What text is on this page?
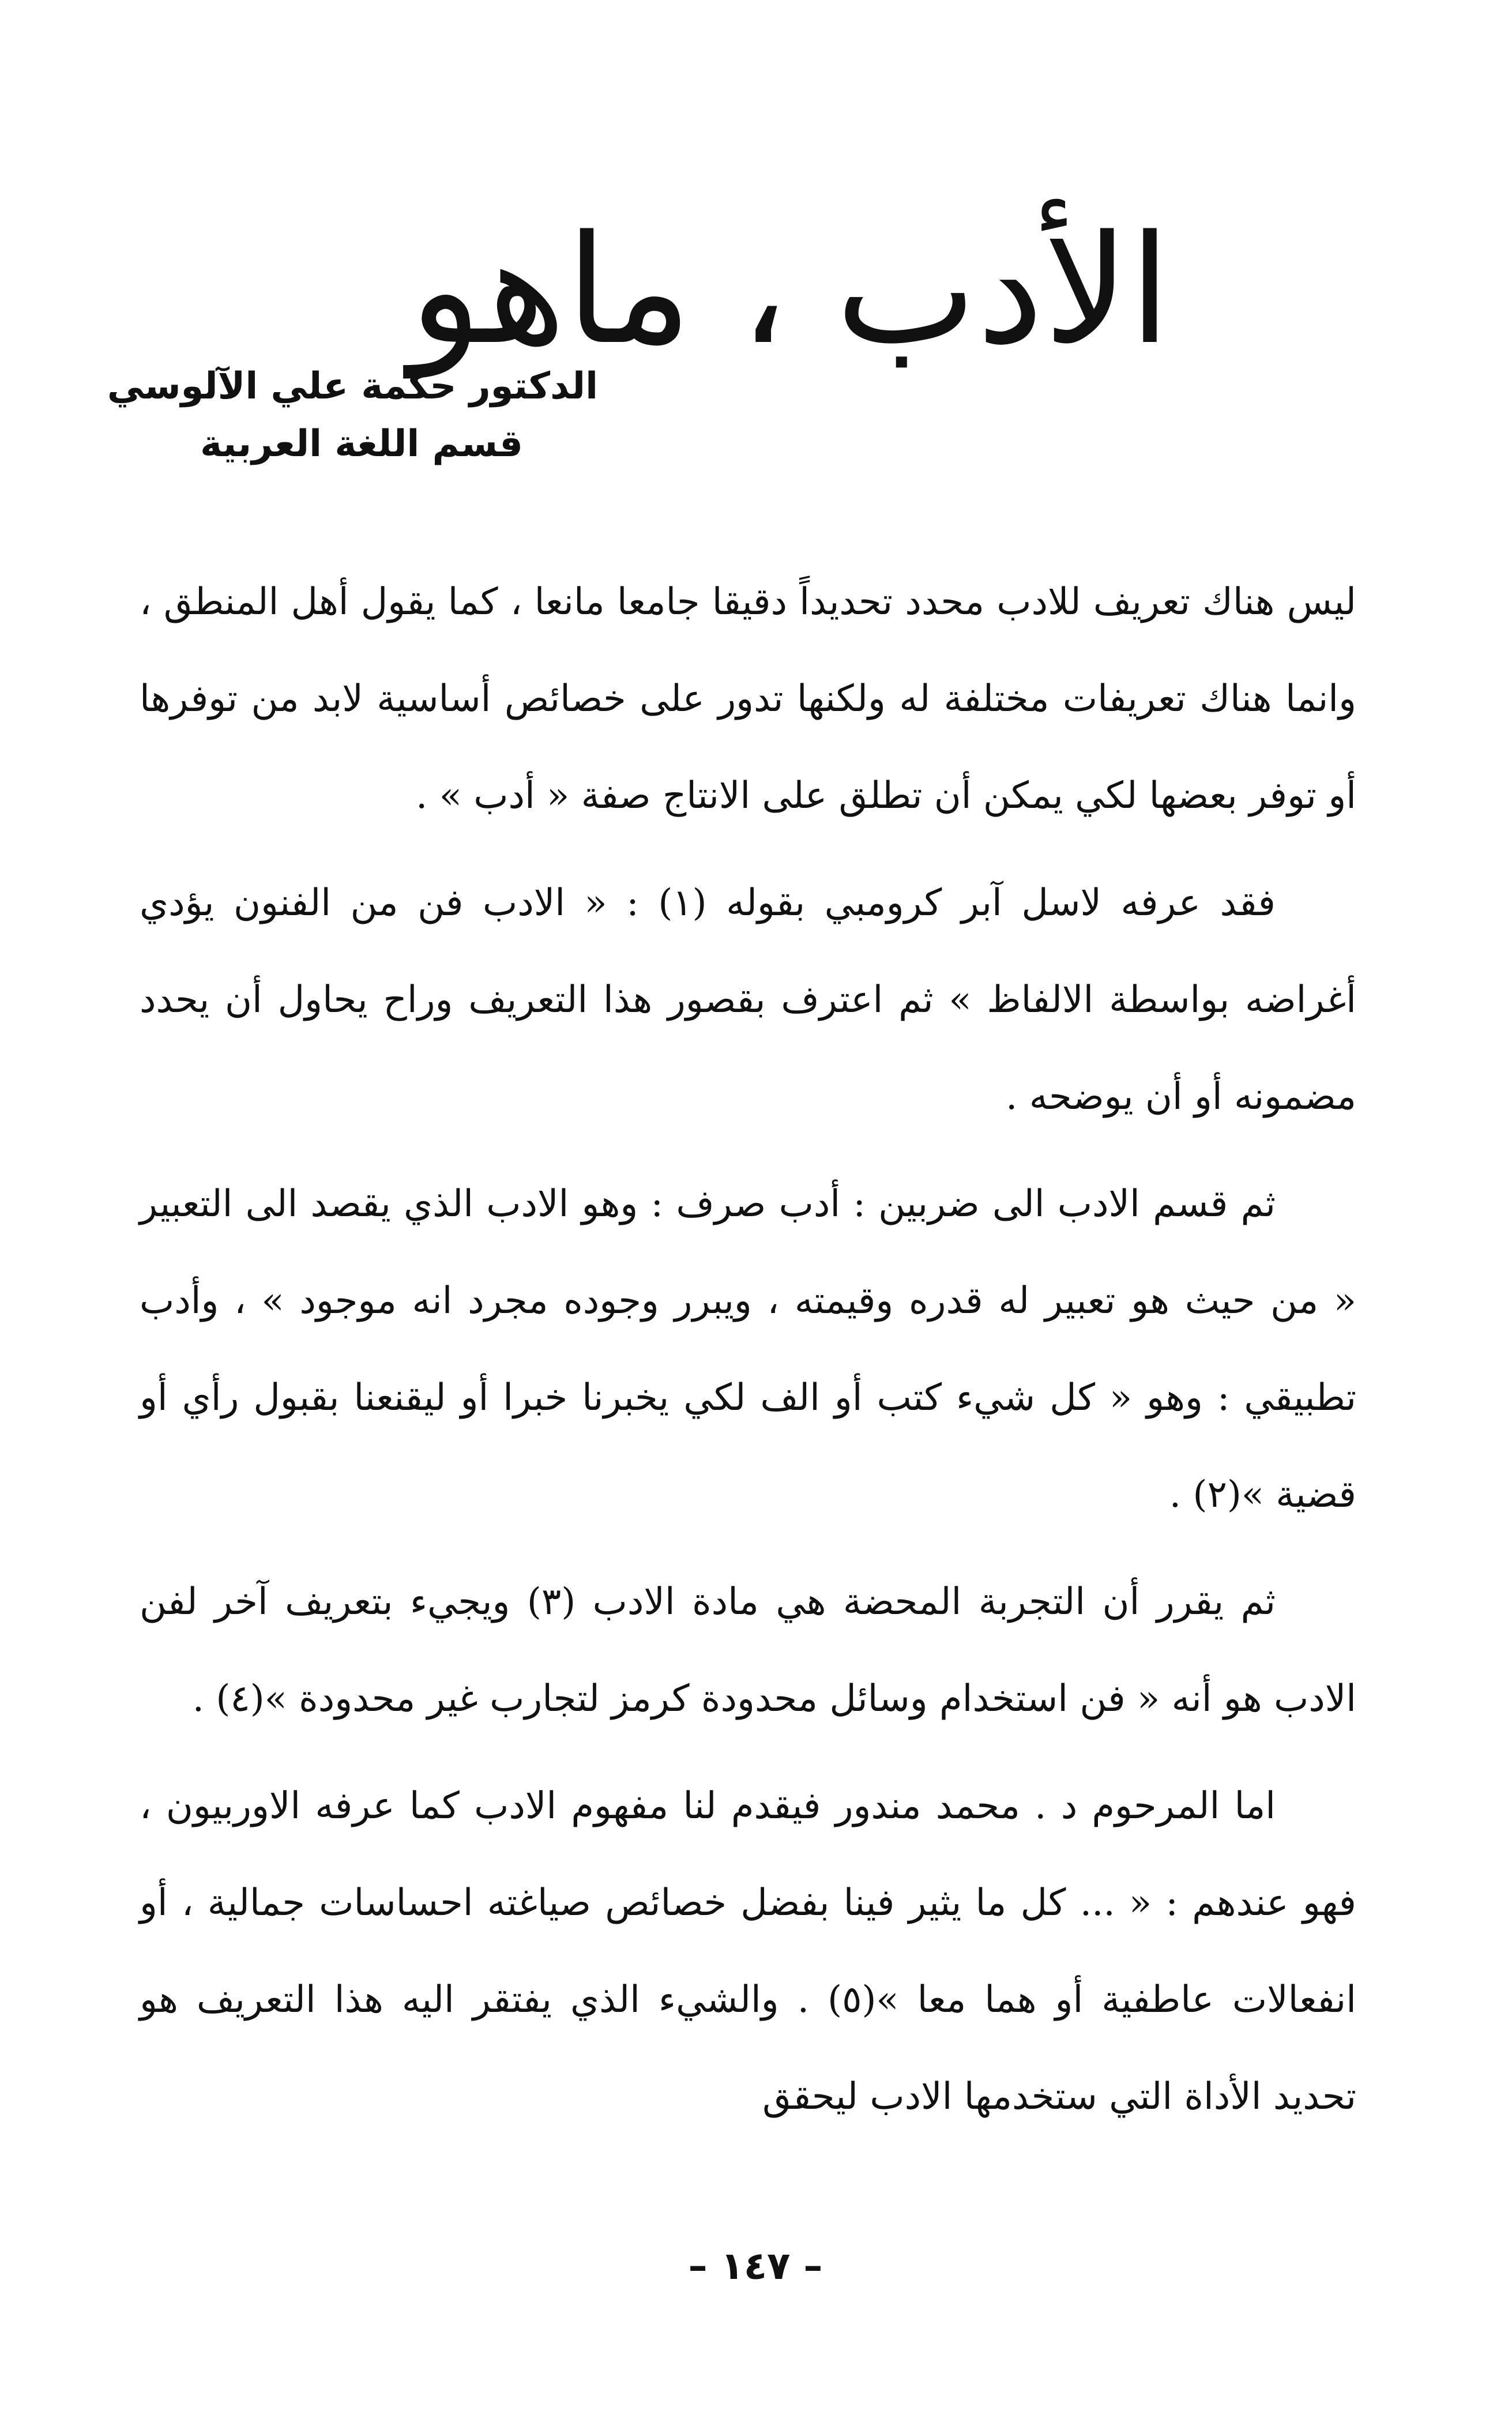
الأدب ، ماهو
الدكتور حكمة علي الآلوسي
قسم اللغة العربية

ليس هناك تعريف للادب محدد تحديداً دقيقا جامعا مانعا ، كما يقول أهل المنطق ، وانما هناك تعريفات مختلفة له ولكنها تدور على خصائص أساسية لابد من توفرها أو توفر بعضها لكي يمكن أن تطلق على الانتاج صفة « أدب » .

فقد عرفه لاسل آبر كرومبي بقوله (١) : « الادب فن من الفنون يؤدي أغراضه بواسطة الالفاظ » ثم اعترف بقصور هذا التعريف وراح يحاول أن يحدد مضمونه أو أن يوضحه .

ثم قسم الادب الى ضربين : أدب صرف : وهو الادب الذي يقصد الى التعبير « من حيث هو تعبير له قدره وقيمته ، ويبرر وجوده مجرد انه موجود » ، وأدب تطبيقي : وهو « كل شيء كتب أو الف لكي يخبرنا خبرا أو ليقنعنا بقبول رأي أو قضية »(٢) .

ثم يقرر أن التجربة المحضة هي مادة الادب (٣) ويجيء بتعريف آخر لفن الادب هو أنه « فن استخدام وسائل محدودة كرمز لتجارب غير محدودة »(٤) .

اما المرحوم د . محمد مندور فيقدم لنا مفهوم الادب كما عرفه الاوربيون ، فهو عندهم : « ... كل ما يثير فينا بفضل خصائص صياغته احساسات جمالية ، أو انفعالات عاطفية أو هما معا »(٥) . والشيء الذي يفتقر اليه هذا التعريف هو تحديد الأداة التي ستخدمها الادب ليحقق

– ١٤٧ –
